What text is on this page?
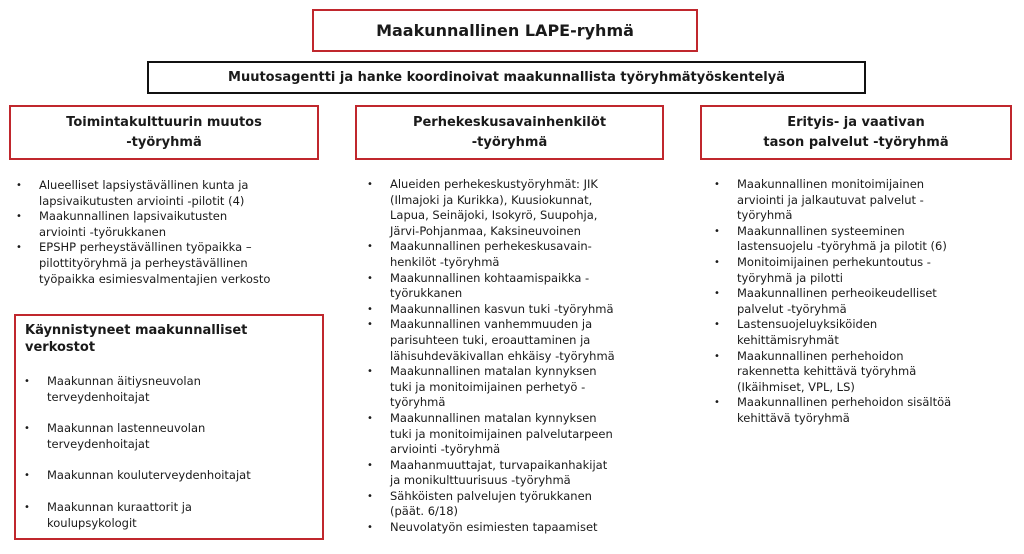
Maakunnallinen LAPE-ryhmä
Muutosagentti ja hanke koordinoivat maakunnallista työryhmätyöskentelyä
Toimintakulttuurin muutos
-työryhmä
Perhekeskusavainhenkilöt
-työryhmä
Erityis- ja vaativan
tason palvelut -työryhmä
• Alueelliset lapsiystävällinen kunta ja
lapsivaikutusten arviointi -pilotit (4)
• Maakunnallinen lapsivaikutusten
arviointi -työrukkanen
• EPSHP perheystävällinen työpaikka –
pilottityöryhmä ja perheystävällinen
työpaikka esimiesvalmentajien verkosto
• Alueiden perhekeskustyöryhmät: JIK
(Ilmajoki ja Kurikka), Kuusiokunnat,
Lapua, Seinäjoki, Isokyrö, Suupohja,
Järvi-Pohjanmaa, Kaksineuvoinen
• Maakunnallinen perhekeskusavain-
henkilöt -työryhmä
• Maakunnallinen kohtaamispaikka -
työrukkanen
• Maakunnallinen kasvun tuki -työryhmä
• Maakunnallinen vanhemmuuden ja
parisuhteen tuki, eroauttaminen ja
lähisuhdeväkivallan ehkäisy -työryhmä
• Maakunnallinen matalan kynnyksen
tuki ja monitoimijainen perhetyö -
työryhmä
• Maakunnallinen matalan kynnyksen
tuki ja monitoimijainen palvelutarpeen
arviointi -työryhmä
• Maahanmuuttajat, turvapaikanhakijat
ja monikulttuurisuus -työryhmä
• Sähköisten palvelujen työrukkanen
(päät. 6/18)
• Neuvolatyön esimiesten tapaamiset
• Maakunnallinen monitoimijainen
arviointi ja jalkautuvat palvelut -
työryhmä
• Maakunnallinen systeeminen
lastensuojelu -työryhmä ja pilotit (6)
• Monitoimijainen perhekuntoutus -
työryhmä ja pilotti
• Maakunnallinen perheoikeudelliset
palvelut -työryhmä
• Lastensuojeluyksiköiden
kehittämisryhmät
• Maakunnallinen perhehoidon
rakennetta kehittävä työryhmä
(Ikäihmiset, VPL, LS)
• Maakunnallinen perhehoidon sisältöä
kehittävä työryhmä
Käynnistyneet maakunnalliset
verkostot
• Maakunnan äitiysneuvolan
terveydenhoitajat
• Maakunnan lastenneuvolan
terveydenhoitajat
• Maakunnan kouluterveydenhoitajat
• Maakunnan kuraattorit ja
koulupsykologit
